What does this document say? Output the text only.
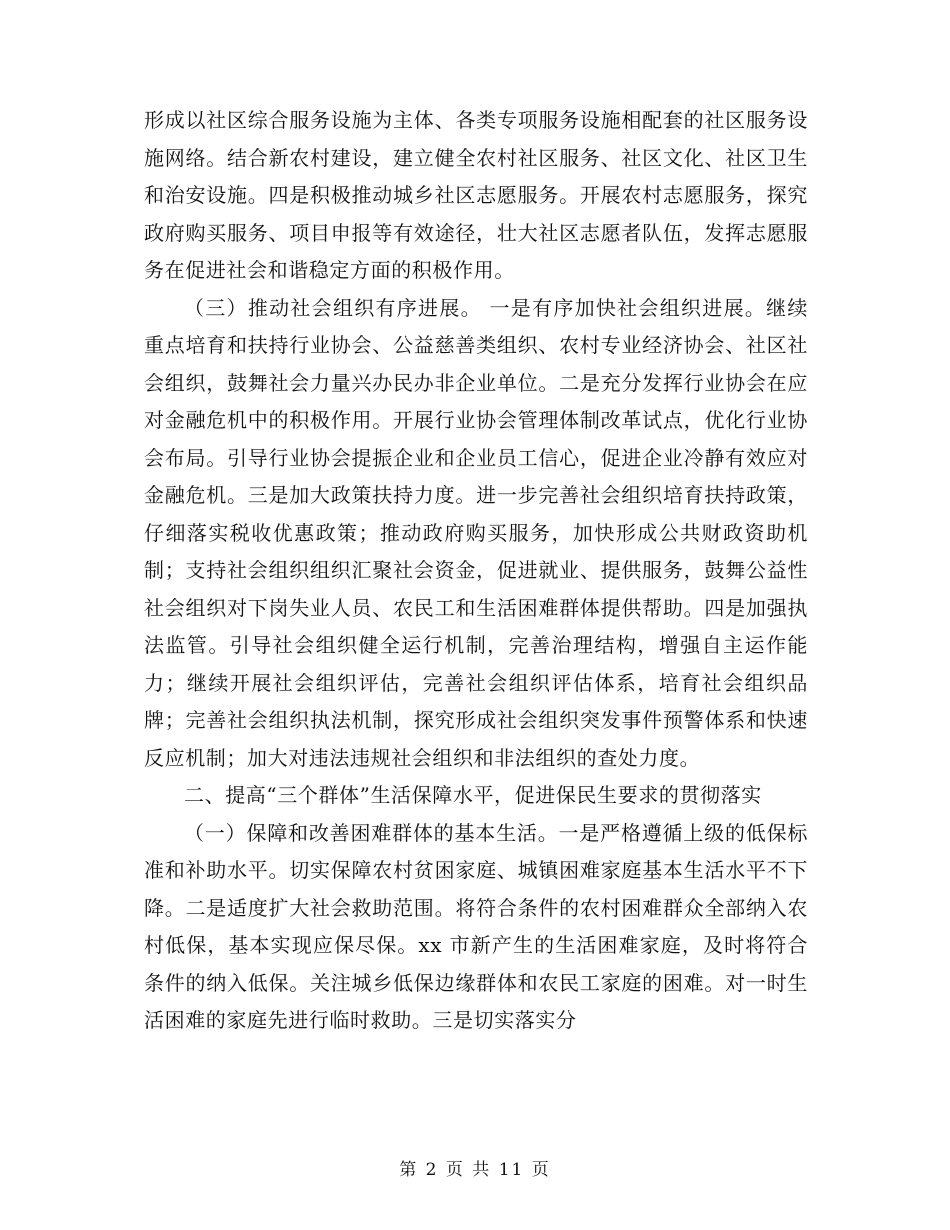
形成以社区综合服务设施为主体、各类专项服务设施相配套的社区服务设施网络。结合新农村建设，建立健全农村社区服务、社区文化、社区卫生和治安设施。四是积极推动城乡社区志愿服务。开展农村志愿服务，探究政府购买服务、项目申报等有效途径，壮大社区志愿者队伍，发挥志愿服务在促进社会和谐稳定方面的积极作用。

（三）推动社会组织有序进展。 一是有序加快社会组织进展。继续重点培育和扶持行业协会、公益慈善类组织、农村专业经济协会、社区社会组织，鼓舞社会力量兴办民办非企业单位。二是充分发挥行业协会在应对金融危机中的积极作用。开展行业协会管理体制改革试点，优化行业协会布局。引导行业协会提振企业和企业员工信心，促进企业冷静有效应对金融危机。三是加大政策扶持力度。进一步完善社会组织培育扶持政策，仔细落实税收优惠政策；推动政府购买服务，加快形成公共财政资助机制；支持社会组织组织汇聚社会资金，促进就业、提供服务，鼓舞公益性社会组织对下岗失业人员、农民工和生活困难群体提供帮助。四是加强执法监管。引导社会组织健全运行机制，完善治理结构，增强自主运作能力；继续开展社会组织评估，完善社会组织评估体系，培育社会组织品牌；完善社会组织执法机制，探究形成社会组织突发事件预警体系和快速反应机制；加大对违法违规社会组织和非法组织的查处力度。

二、提高“三个群体”生活保障水平，促进保民生要求的贯彻落实

（一）保障和改善困难群体的基本生活。一是严格遵循上级的低保标准和补助水平。切实保障农村贫困家庭、城镇困难家庭基本生活水平不下降。二是适度扩大社会救助范围。将符合条件的农村困难群众全部纳入农村低保，基本实现应保尽保。xx 市新产生的生活困难家庭，及时将符合条件的纳入低保。关注城乡低保边缘群体和农民工家庭的困难。对一时生活困难的家庭先进行临时救助。三是切实落实分

第 2 页 共 11 页
